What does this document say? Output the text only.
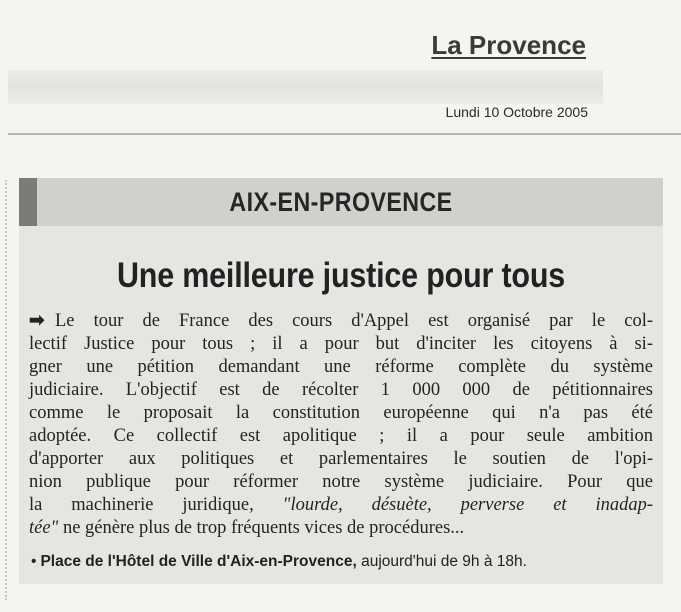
La Provence
Lundi 10 Octobre 2005
AIX-EN-PROVENCE
Une meilleure justice pour tous
➡ Le tour de France des cours d'Appel est organisé par le col-
lectif Justice pour tous ; il a pour but d'inciter les citoyens à si-
gner une pétition demandant une réforme complète du système
judiciaire. L'objectif est de récolter 1 000 000 de pétitionnaires
comme le proposait la constitution européenne qui n'a pas été
adoptée. Ce collectif est apolitique ; il a pour seule ambition
d'apporter aux politiques et parlementaires le soutien de l'opi-
nion publique pour réformer notre système judiciaire. Pour que
la machinerie juridique, "lourde, désuète, perverse et inadap-
tée" ne génère plus de trop fréquents vices de procédures...
• Place de l'Hôtel de Ville d'Aix-en-Provence, aujourd'hui de 9h à 18h.
